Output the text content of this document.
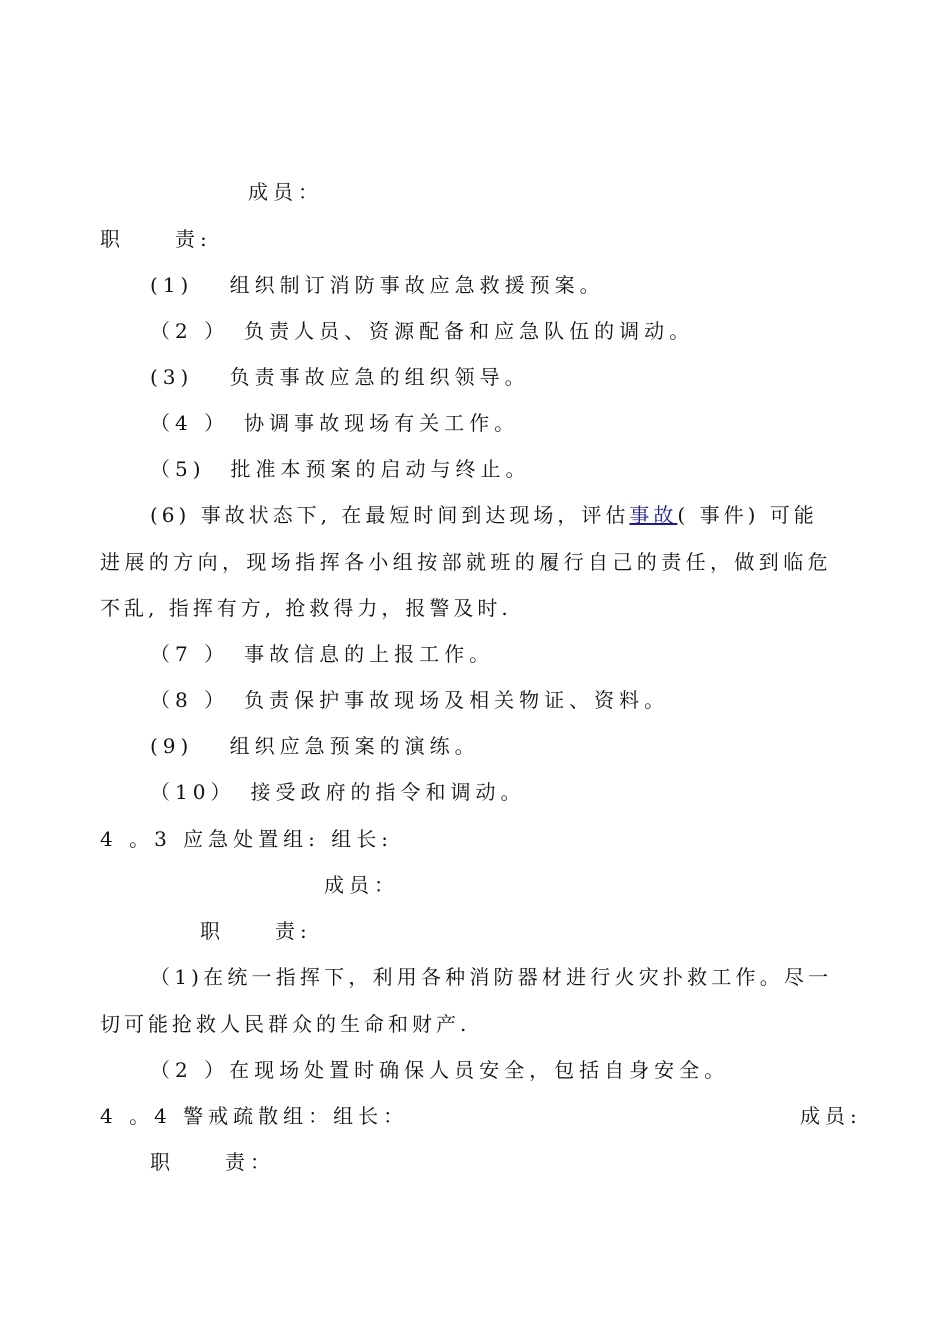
成员：
职　　责:
(1)　 组织制订消防事故应急救援预案。
（2 ）　负责人员、资源配备和应急队伍的调动。
(3)　 负责事故应急的组织领导。
（4 ）　协调事故现场有关工作。
（5)　批准本预案的启动与终止。
(6) 事故状态下, 在最短时间到达现场，评估事故( 事件) 可能
进展的方向，现场指挥各小组按部就班的履行自己的责任，做到临危
不乱, 指挥有方, 抢救得力，报警及时.
（7 ）　事故信息的上报工作。
（8 ）　负责保护事故现场及相关物证、资料。
(9)　 组织应急预案的演练。
（10）　接受政府的指令和调动。
4 。3 应急处置组: 组长:
成员：
职　　责:
（1)在统一指挥下，利用各种消防器材进行火灾扑救工作。尽一
切可能抢救人民群众的生命和财产.
（2 ）在现场处置时确保人员安全，包括自身安全。
4 。4 警戒疏散组：组长：	成员:
职　　责：
